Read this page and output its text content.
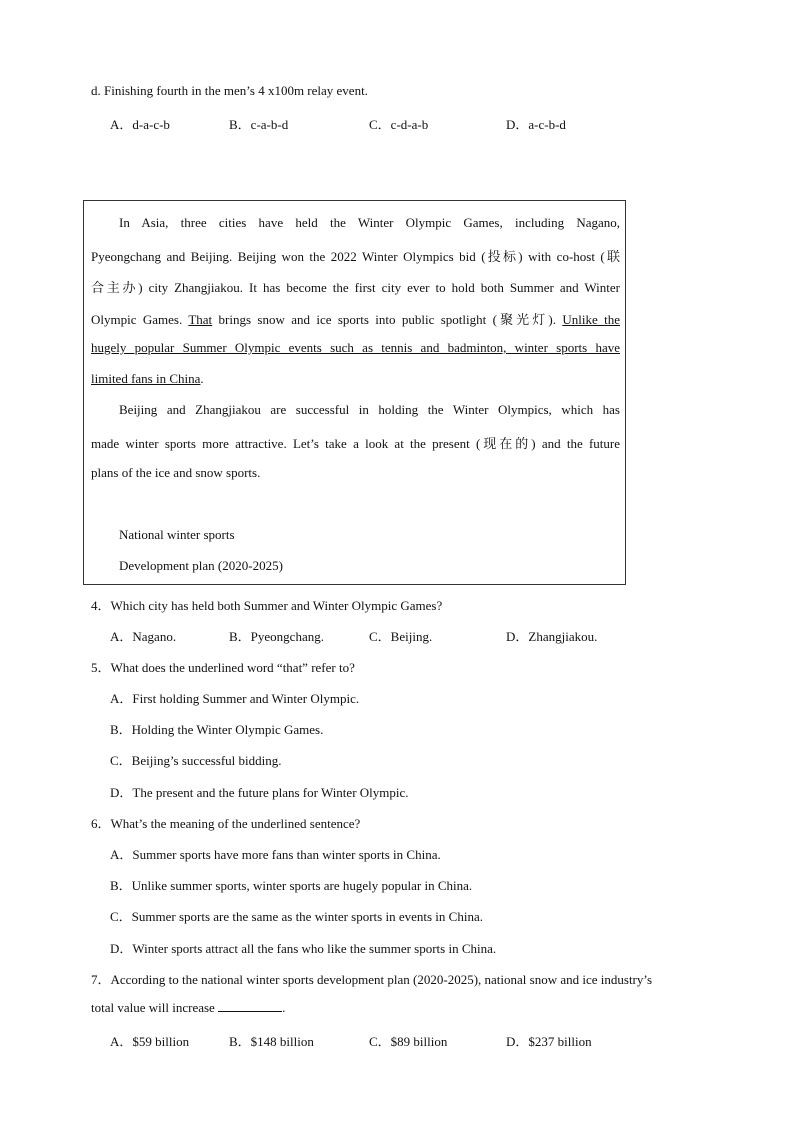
d. Finishing fourth in the men’s 4 x100m relay event.
A．d-a-c-b	B．c-a-b-d	C．c-d-a-b	D．a-c-b-d
In Asia, three cities have held the Winter Olympic Games, including Nagano,
Pyeongchang and Beijing. Beijing won the 2022 Winter Olympics bid (投标) with co-host (联
合主办) city Zhangjiakou. It has become the first city ever to hold both Summer and Winter
Olympic Games. That brings snow and ice sports into public spotlight (聚光灯). Unlike the
hugely popular Summer Olympic events such as tennis and badminton, winter sports have
limited fans in China.
Beijing and Zhangjiakou are successful in holding the Winter Olympics, which has
made winter sports more attractive. Let’s take a look at the present (现在的) and the future
plans of the ice and snow sports.
National winter sports
Development plan (2020-2025)
4．Which city has held both Summer and Winter Olympic Games?
A．Nagano.	B．Pyeongchang.	C．Beijing.	D．Zhangjiakou.
5．What does the underlined word “that” refer to?
A．First holding Summer and Winter Olympic.
B．Holding the Winter Olympic Games.
C．Beijing’s successful bidding.
D．The present and the future plans for Winter Olympic.
6．What’s the meaning of the underlined sentence?
A．Summer sports have more fans than winter sports in China.
B．Unlike summer sports, winter sports are hugely popular in China.
C．Summer sports are the same as the winter sports in events in China.
D．Winter sports attract all the fans who like the summer sports in China.
7．According to the national winter sports development plan (2020-2025), national snow and ice industry’s
total value will increase	.
A．$59 billion	B．$148 billion	C．$89 billion	D．$237 billion
